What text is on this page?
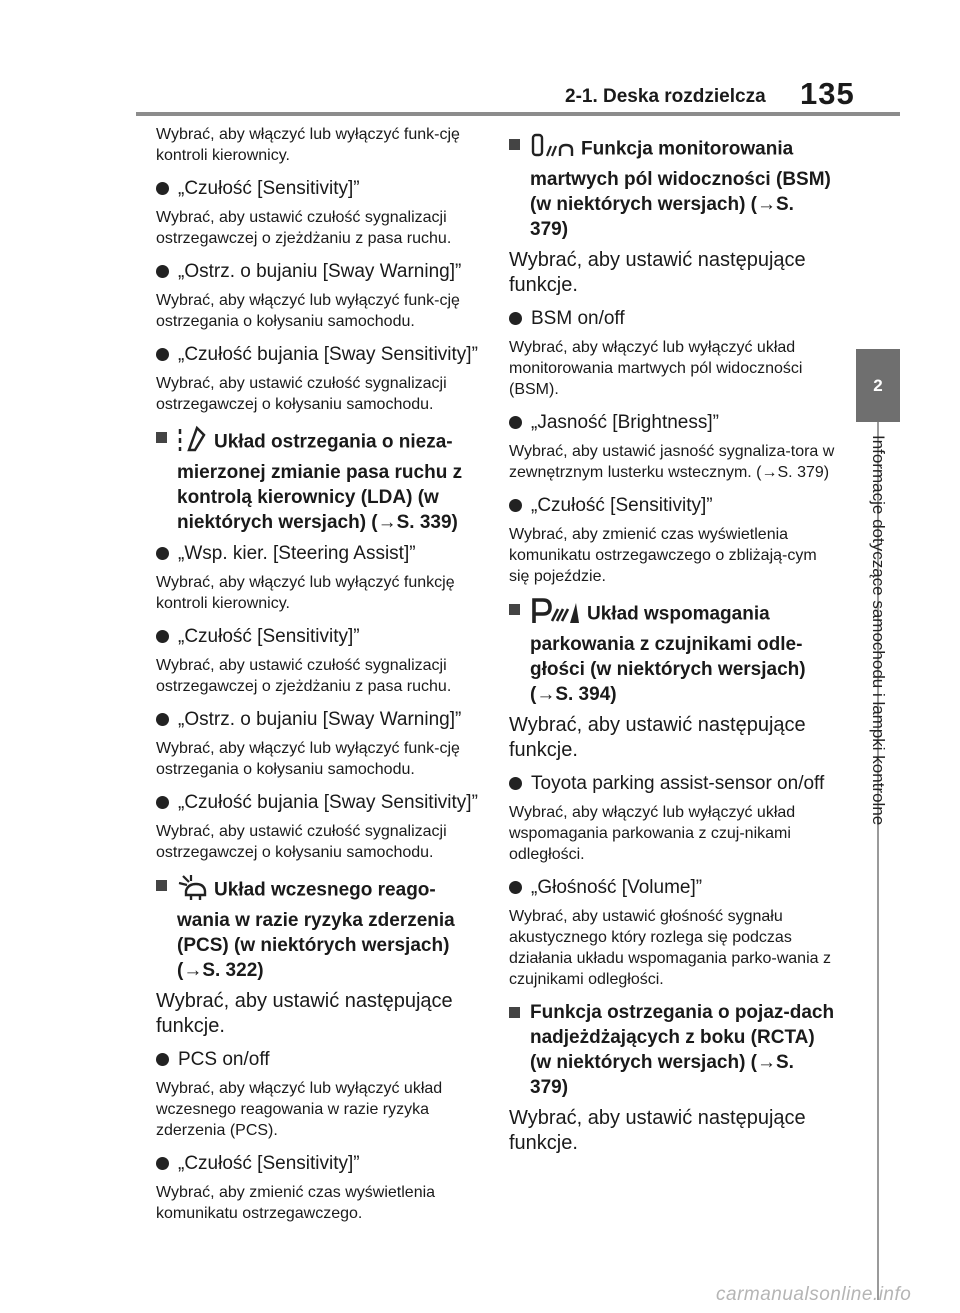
2-1. Deska rozdzielcza 135
2
Informacje dotyczące samochodu i lampki kontrolne

Wybrać, aby włączyć lub wyłączyć funk-cję kontroli kierownicy.

„Czułość [Sensitivity]”

Wybrać, aby ustawić czułość sygnalizacji ostrzegawczej o zjeżdżaniu z pasa ruchu.

„Ostrz. o bujaniu [Sway Warning]”

Wybrać, aby włączyć lub wyłączyć funk-cję ostrzegania o kołysaniu samochodu.

„Czułość bujania [Sway Sensitivity]”

Wybrać, aby ustawić czułość sygnalizacji ostrzegawczej o kołysaniu samochodu.

Układ ostrzegania o nieza-
mierzonej zmianie pasa ruchu z kontrolą kierownicy (LDA) (w niektórych wersjach) (→S. 339)
„Wsp. kier. [Steering Assist]”

Wybrać, aby włączyć lub wyłączyć funkcję kontroli kierownicy.

„Czułość [Sensitivity]”

Wybrać, aby ustawić czułość sygnalizacji ostrzegawczej o zjeżdżaniu z pasa ruchu.

„Ostrz. o bujaniu [Sway Warning]”

Wybrać, aby włączyć lub wyłączyć funk-cję ostrzegania o kołysaniu samochodu.

„Czułość bujania [Sway Sensitivity]”

Wybrać, aby ustawić czułość sygnalizacji ostrzegawczej o kołysaniu samochodu.

Układ wczesnego reago-
wania w razie ryzyka zderzenia (PCS) (w niektórych wersjach) (→S. 322)

Wybrać, aby ustawić następujące funkcje.

PCS on/off

Wybrać, aby włączyć lub wyłączyć układ wczesnego reagowania w razie ryzyka zderzenia (PCS).

„Czułość [Sensitivity]”

Wybrać, aby zmienić czas wyświetlenia komunikatu ostrzegawczego.

Funkcja monitorowania
martwych pól widoczności (BSM) (w niektórych wersjach) (→S. 379)

Wybrać, aby ustawić następujące funkcje.

BSM on/off

Wybrać, aby włączyć lub wyłączyć układ monitorowania martwych pól widoczności (BSM).

„Jasność [Brightness]”

Wybrać, aby ustawić jasność sygnaliza-tora w zewnętrznym lusterku wstecznym. (→S. 379)

„Czułość [Sensitivity]”

Wybrać, aby zmienić czas wyświetlenia komunikatu ostrzegawczego o zbliżają-cym się pojeździe.

Układ wspomagania
parkowania z czujnikami odle-głości (w niektórych wersjach) (→S. 394)

Wybrać, aby ustawić następujące funkcje.

Toyota parking assist-sensor on/off

Wybrać, aby włączyć lub wyłączyć układ wspomagania parkowania z czuj-nikami odległości.

„Głośność [Volume]”

Wybrać, aby ustawić głośność sygnału akustycznego który rozlega się podczas działania układu wspomagania parko-wania z czujnikami odległości.

Funkcja ostrzegania o pojaz-dach nadjeżdżających z boku (RCTA) (w niektórych wersjach) (→S. 379)

Wybrać, aby ustawić następujące funkcje.

carmanualsonline.info
